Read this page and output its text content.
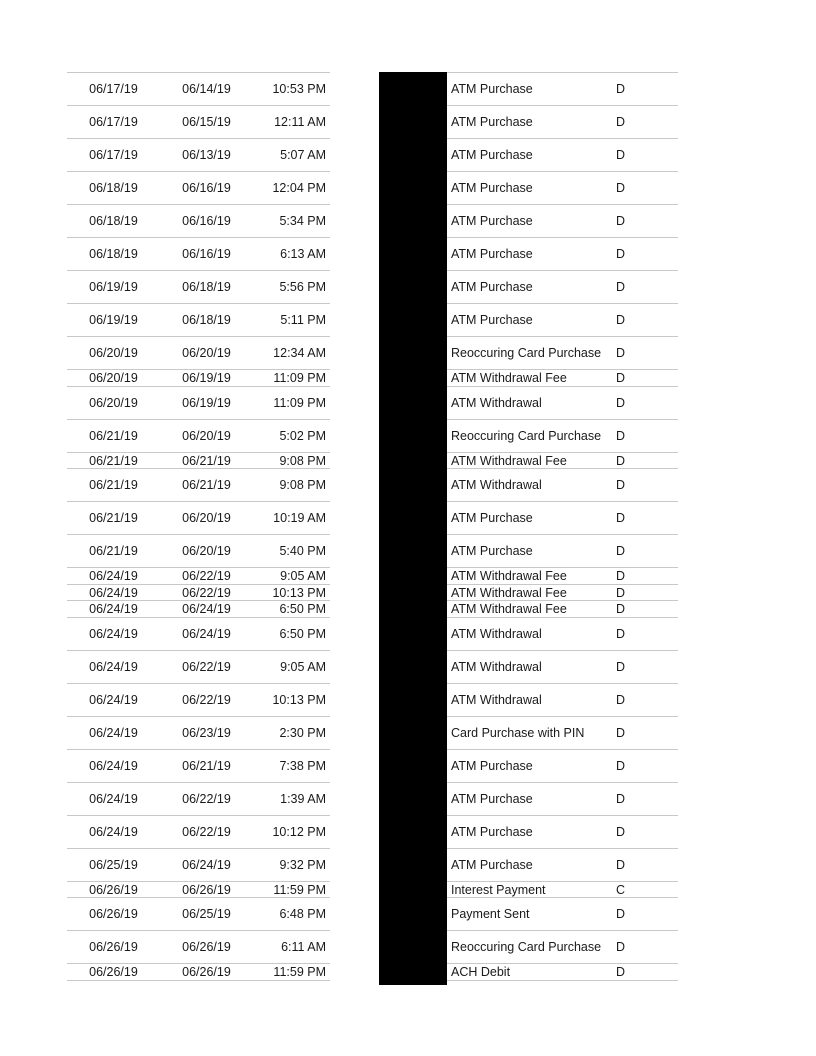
06/17/19	06/14/19	10:53 PM	ATM Purchase	D
06/17/19	06/15/19	12:11 AM	ATM Purchase	D
06/17/19	06/13/19	5:07 AM	ATM Purchase	D
06/18/19	06/16/19	12:04 PM	ATM Purchase	D
06/18/19	06/16/19	5:34 PM	ATM Purchase	D
06/18/19	06/16/19	6:13 AM	ATM Purchase	D
06/19/19	06/18/19	5:56 PM	ATM Purchase	D
06/19/19	06/18/19	5:11 PM	ATM Purchase	D
06/20/19	06/20/19	12:34 AM	Reoccuring Card Purchase	D
06/20/19	06/19/19	11:09 PM	ATM Withdrawal Fee	D
06/20/19	06/19/19	11:09 PM	ATM Withdrawal	D
06/21/19	06/20/19	5:02 PM	Reoccuring Card Purchase	D
06/21/19	06/21/19	9:08 PM	ATM Withdrawal Fee	D
06/21/19	06/21/19	9:08 PM	ATM Withdrawal	D
06/21/19	06/20/19	10:19 AM	ATM Purchase	D
06/21/19	06/20/19	5:40 PM	ATM Purchase	D
06/24/19	06/22/19	9:05 AM	ATM Withdrawal Fee	D
06/24/19	06/22/19	10:13 PM	ATM Withdrawal Fee	D
06/24/19	06/24/19	6:50 PM	ATM Withdrawal Fee	D
06/24/19	06/24/19	6:50 PM	ATM Withdrawal	D
06/24/19	06/22/19	9:05 AM	ATM Withdrawal	D
06/24/19	06/22/19	10:13 PM	ATM Withdrawal	D
06/24/19	06/23/19	2:30 PM	Card Purchase with PIN	D
06/24/19	06/21/19	7:38 PM	ATM Purchase	D
06/24/19	06/22/19	1:39 AM	ATM Purchase	D
06/24/19	06/22/19	10:12 PM	ATM Purchase	D
06/25/19	06/24/19	9:32 PM	ATM Purchase	D
06/26/19	06/26/19	11:59 PM	Interest Payment	C
06/26/19	06/25/19	6:48 PM	Payment Sent	D
06/26/19	06/26/19	6:11 AM	Reoccuring Card Purchase	D
06/26/19	06/26/19	11:59 PM	ACH Debit	D
